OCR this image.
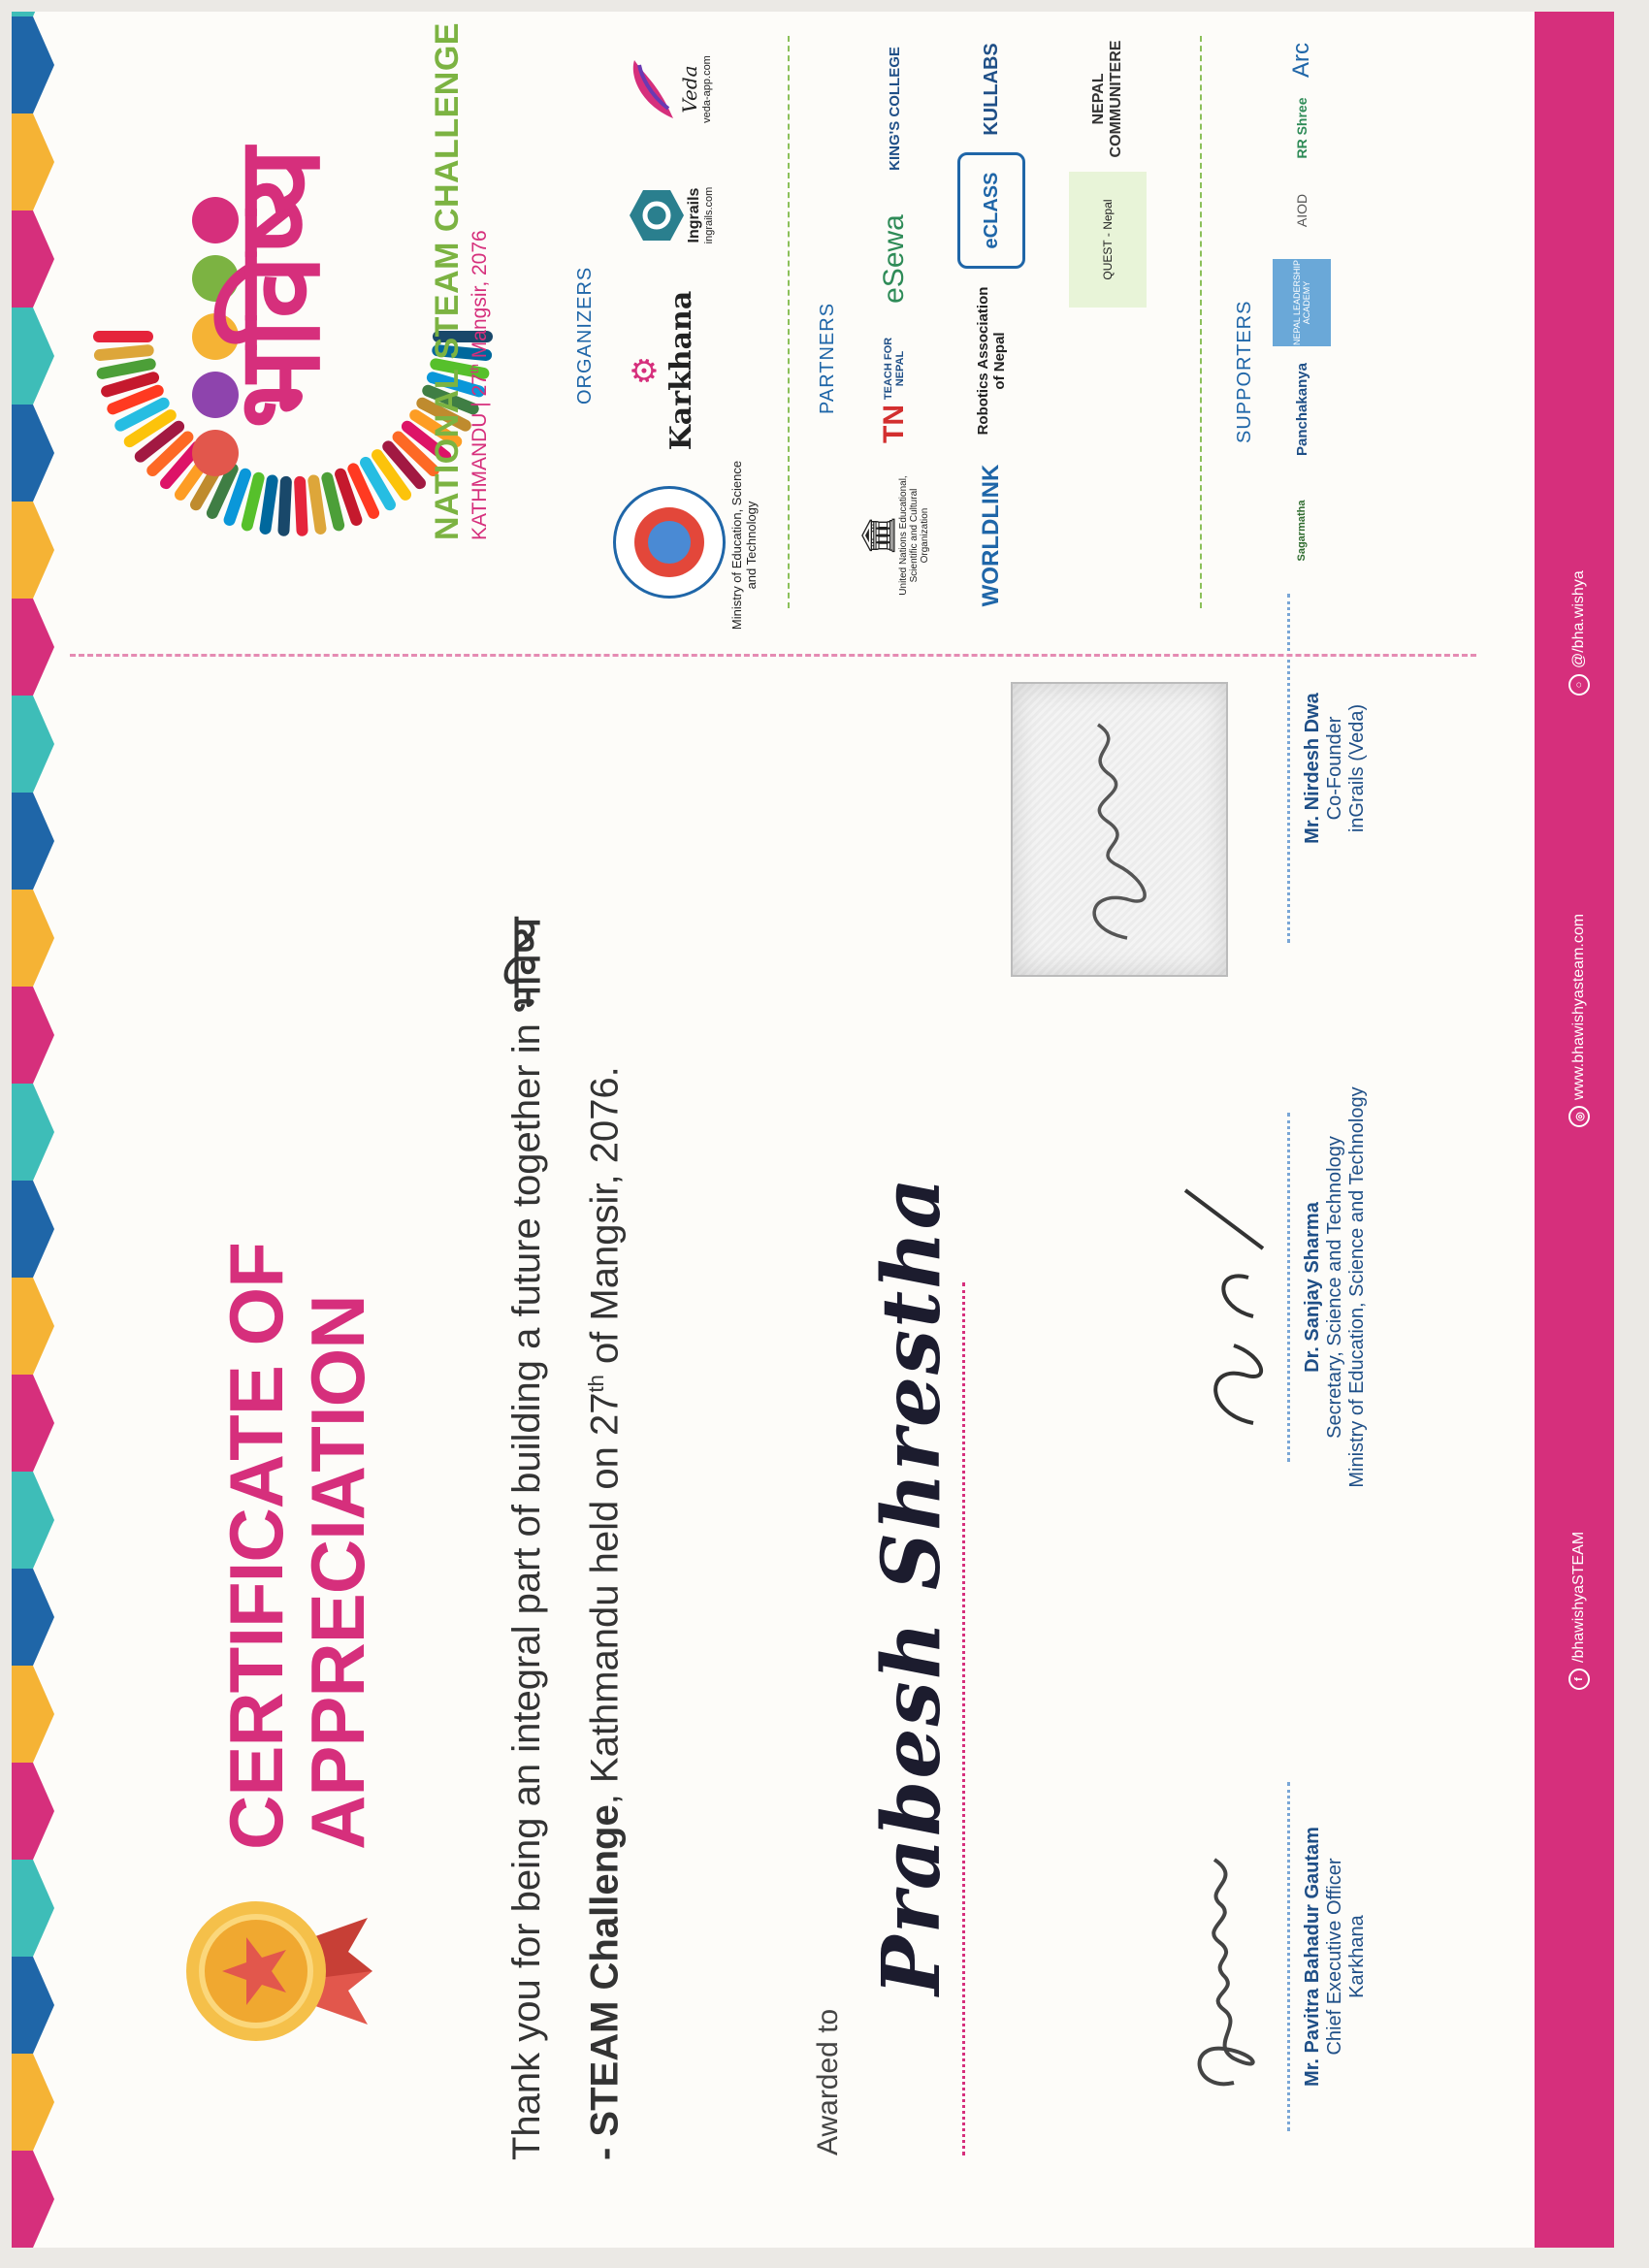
f
/bhawishyaSTEAM
◎
www.bhawishyasteam.com
○
@/bha.wishya
CERTIFICATE OF
APPRECIATION	Thank you for being an integral part of building a future together in भविष्य - STEAM Challenge, Kathmandu held on 27th of Mangsir, 2076.

Awarded to
Prabesh Shrestha	Mr. Pavitra Bahadur Gautam Chief Executive Officer Karkhana
Dr. Sanjay Sharma Secretary, Science and Technology Ministry of Education, Science and Technology
Mr. Nirdesh Dwa Co-Founder inGrails (Veda)
भविष्य	NATIONAL STEAM CHALLENGE KATHMANDU | 27th Mangsir, 2076	ORGANIZERS
Ministry of Education, Science and Technology
⚙ Karkhana
Ingrails ingrails.com
Veda veda-app.com
PARTNERS
🏛 United Nations Educational, Scientific and Cultural Organization
TN
TEACH FOR NEPAL
eSewa
KING'S COLLEGE
WORLDLINK
Robotics Association of Nepal
eCLASS
KULLABS
QUEST - Nepal
NEPAL COMMUNITERE
SUPPORTERS
Sagarmatha
Panchakanya
NEPAL LEADERSHIP ACADEMY
AIOD
RR Shree
Arc
